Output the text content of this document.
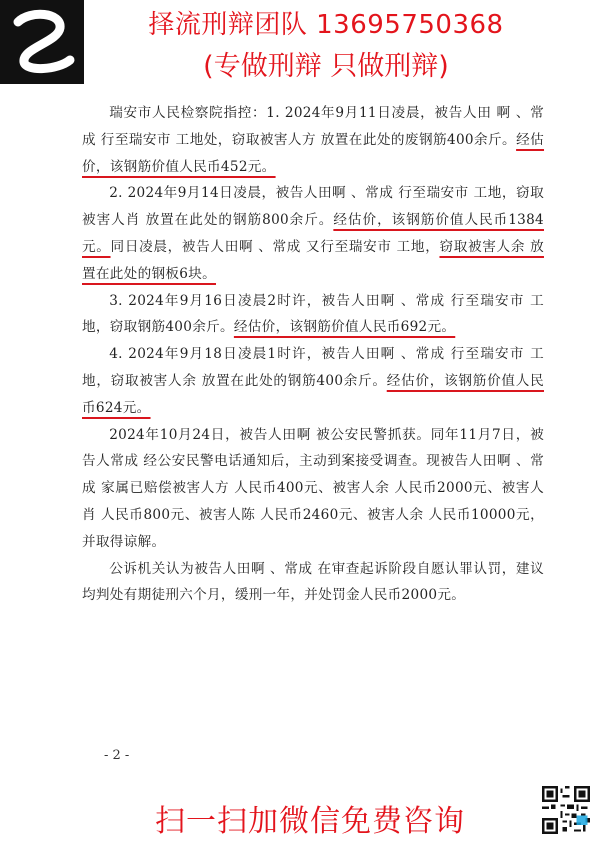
择流刑辩团队 13695750368
(专做刑辩 只做刑辩)

瑞安市人民检察院指控：1. 2024年9月11日凌晨，被告人田 啊 、常成 行至瑞安市 工地处，窃取被害人方 放置在此处的废钢筋400余斤。经估价，该钢筋价值人民币452元。

2. 2024年9月14日凌晨，被告人田啊 、常成 行至瑞安市 工地，窃取被害人肖 放置在此处的钢筋800余斤。经估价，该钢筋价值人民币1384元。同日凌晨，被告人田啊 、常成 又行至瑞安市 工地，窃取被害人余 放置在此处的钢板6块。

3. 2024年9月16日凌晨2时许，被告人田啊 、常成 行至瑞安市 工地，窃取钢筋400余斤。经估价，该钢筋价值人民币692元。

4. 2024年9月18日凌晨1时许，被告人田啊 、常成 行至瑞安市 工地，窃取被害人余 放置在此处的钢筋400余斤。经估价，该钢筋价值人民币624元。

2024年10月24日，被告人田啊 被公安民警抓获。同年11月7日，被告人常成 经公安民警电话通知后，主动到案接受调查。现被告人田啊 、常成 家属已赔偿被害人方 人民币400元、被害人余 人民币2000元、被害人肖 人民币800元、被害人陈 人民币2460元、被害人余 人民币10000元，并取得谅解。

公诉机关认为被告人田啊 、常成 在审查起诉阶段自愿认罪认罚，建议均判处有期徒刑六个月，缓刑一年，并处罚金人民币2000元。

- 2 -
扫一扫加微信免费咨询
